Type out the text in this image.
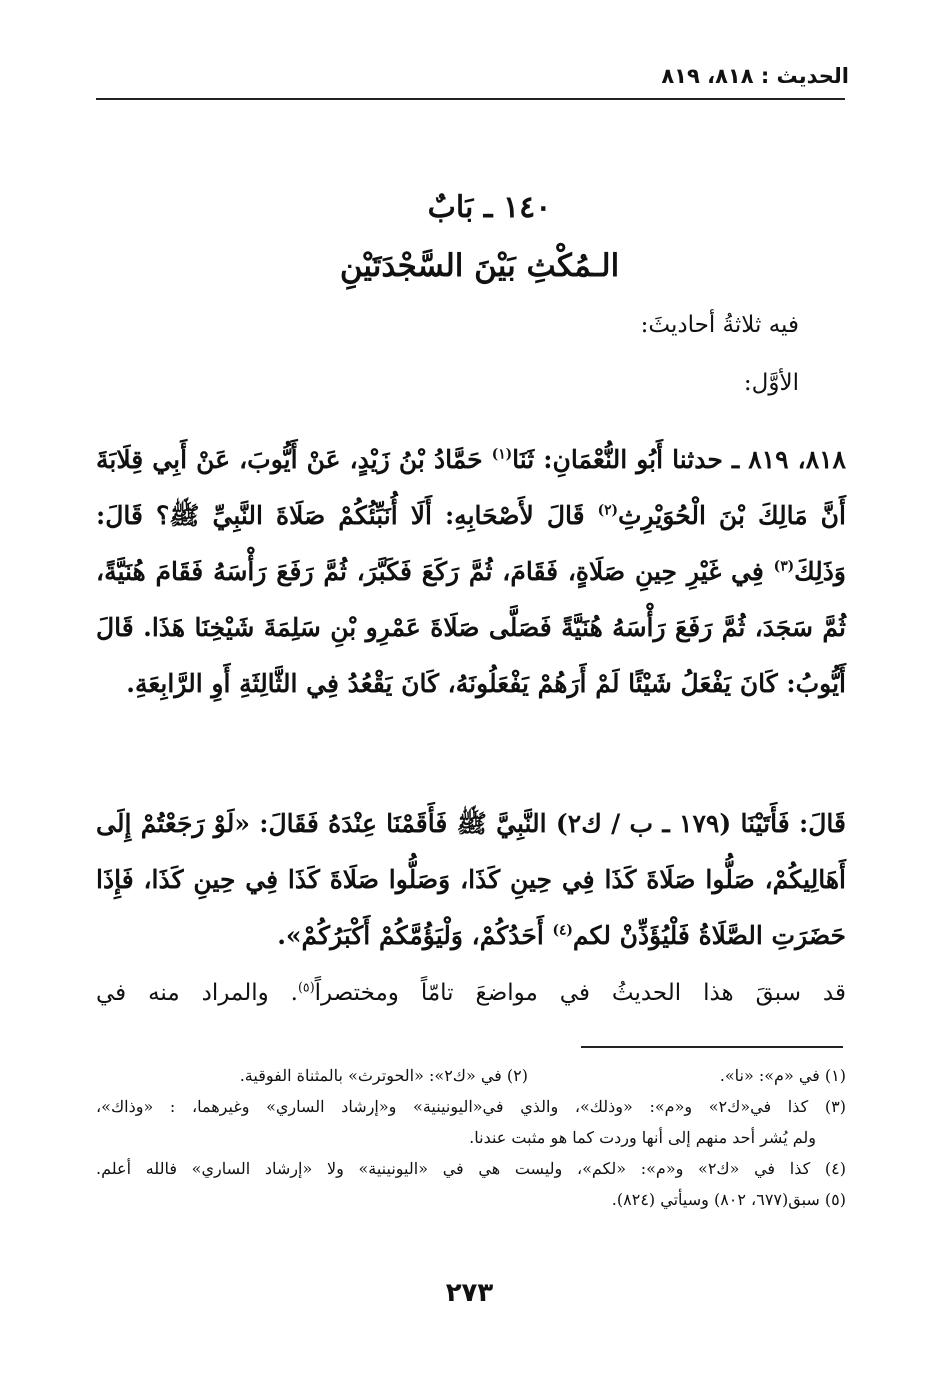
الحديث : ٨١٨، ٨١٩
١٤٠ ـ بَابٌ
الـمُكْثِ بَيْنَ السَّجْدَتَيْنِ
فيه ثلاثةُ أحاديثَ:
الأوَّل:
٨١٨، ٨١٩ ـ حدثنا أَبُو النُّعْمَانِ: ثَنَا$^{(١)}$ حَمَّادُ بْنُ زَيْدٍ، عَنْ أَيُّوبَ، عَنْ أَبِي قِلَابَةَ أَنَّ مَالِكَ بْنَ الْحُوَيْرِثِ$^{(٢)}$ قَالَ لأَصْحَابِهِ: أَلَا أُنَبِّئُكُمْ صَلَاةَ النَّبِيِّ ﷺ؟ قَالَ: وَذَلِكَ$^{(٣)}$ فِي غَيْرِ حِينِ صَلَاةٍ، فَقَامَ، ثُمَّ رَكَعَ فَكَبَّرَ، ثُمَّ رَفَعَ رَأْسَهُ فَقَامَ هُنَيَّةً، ثُمَّ سَجَدَ، ثُمَّ رَفَعَ رَأْسَهُ هُنَيَّةً فَصَلَّى صَلَاةَ عَمْرِو بْنِ سَلِمَةَ شَيْخِنَا هَذَا. قَالَ أَيُّوبُ: كَانَ يَفْعَلُ شَيْئًا لَمْ أَرَهُمْ يَفْعَلُونَهُ، كَانَ يَقْعُدُ فِي الثَّالِثَةِ أَوِ الرَّابِعَةِ.
قَالَ: فَأَتَيْنَا (١٧٩ ـ ب / ك٢) النَّبِيَّ ﷺ فَأَقَمْنَا عِنْدَهُ فَقَالَ: «لَوْ رَجَعْتُمْ إِلَى أَهَالِيكُمْ، صَلُّوا صَلَاةَ كَذَا فِي حِينِ كَذَا، وَصَلُّوا صَلَاةَ كَذَا فِي حِينِ كَذَا، فَإِذَا حَضَرَتِ الصَّلَاةُ فَلْيُؤَذِّنْ لكم$^{(٤)}$ أَحَدُكُمْ، وَلْيَؤُمَّكُمْ أَكْبَرُكُمْ».
قد سبقَ هذا الحديثُ في مواضعَ تامّاً ومختصراً$^{(٥)}$. والمراد منه في
(١) في «م»: «نا».
(٢) في «ك٢»: «الحوترث» بالمثناة الفوقية.
(٣) كذا في«ك٢» و«م»: «وذلك»، والذي في«اليونينية» و«إرشاد الساري» وغيرهما، : «وذاك»،
ولم يُشر أحد منهم إلى أنها وردت كما هو مثبت عندنا.
(٤) كذا في «ك٢» و«م»: «لكم»، وليست هي في «اليونينية» ولا «إرشاد الساري» فالله أعلم.
(٥) سبق(٦٧٧، ٨٠٢) وسيأتي (٨٢٤).
٢٧٣
